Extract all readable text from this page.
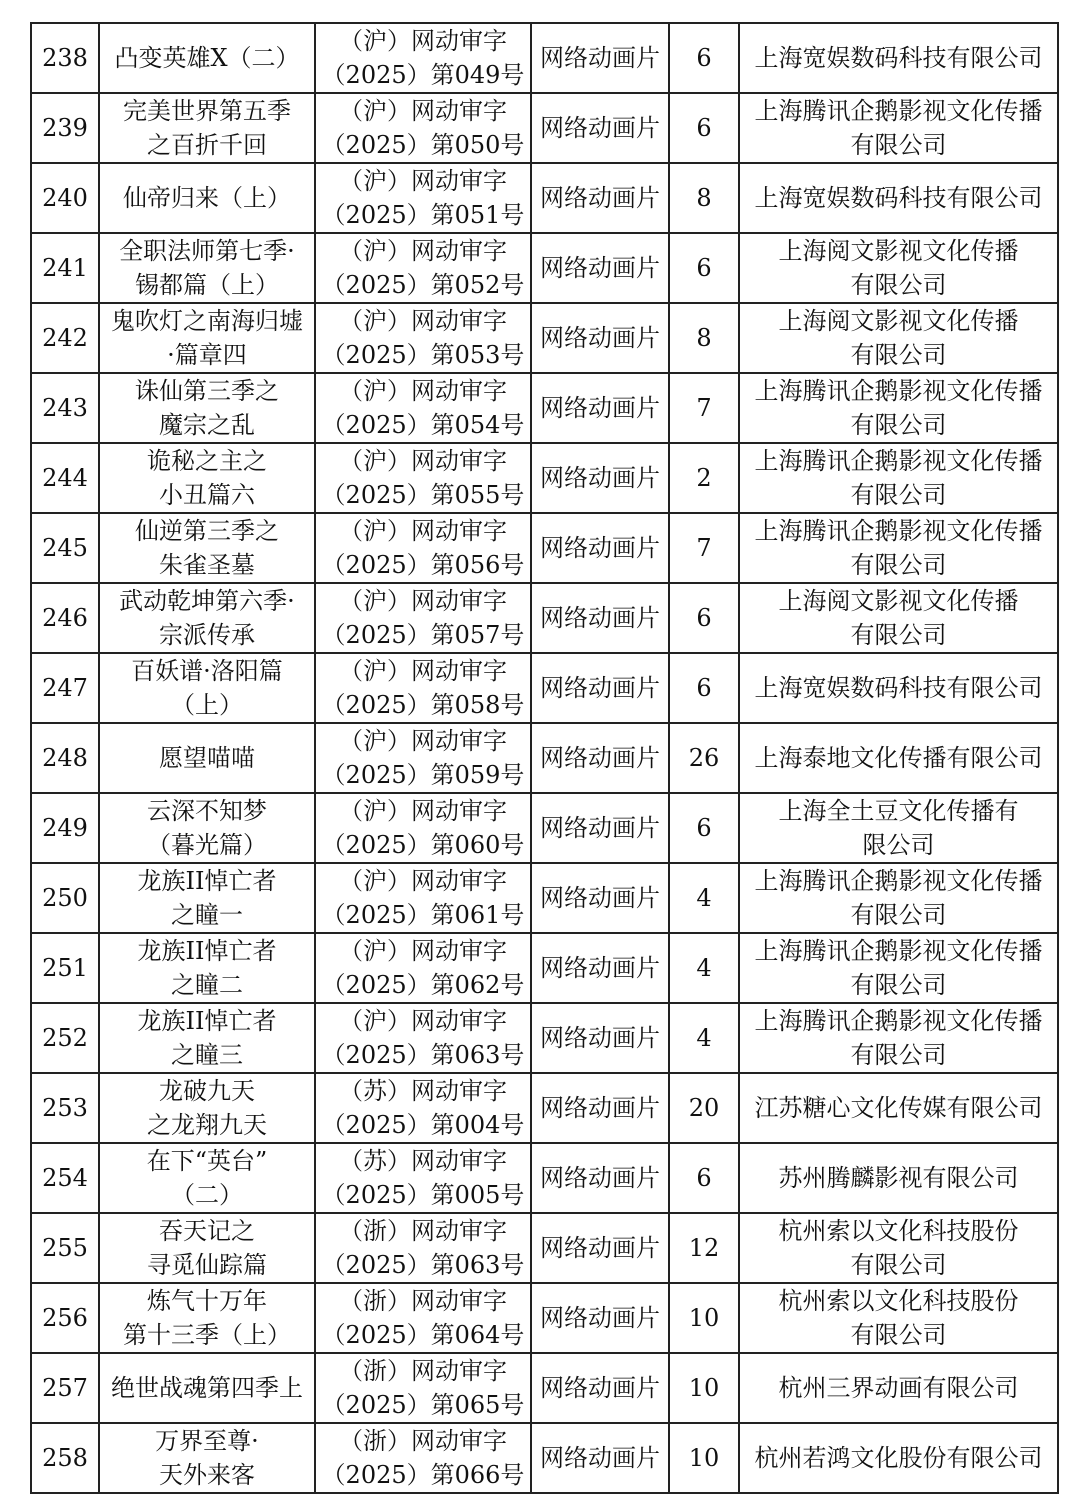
238	凸变英雄X（二）	（沪）网动审字
（2025）第049号	网络动画片	6	上海宽娱数码科技有限公司
239	完美世界第五季
之百折千回	（沪）网动审字
（2025）第050号	网络动画片	6	上海腾讯企鹅影视文化传播
有限公司
240	仙帝归来（上）	（沪）网动审字
（2025）第051号	网络动画片	8	上海宽娱数码科技有限公司
241	全职法师第七季·
锡都篇（上）	（沪）网动审字
（2025）第052号	网络动画片	6	上海阅文影视文化传播
有限公司
242	鬼吹灯之南海归墟
·篇章四	（沪）网动审字
（2025）第053号	网络动画片	8	上海阅文影视文化传播
有限公司
243	诛仙第三季之
魔宗之乱	（沪）网动审字
（2025）第054号	网络动画片	7	上海腾讯企鹅影视文化传播
有限公司
244	诡秘之主之
小丑篇六	（沪）网动审字
（2025）第055号	网络动画片	2	上海腾讯企鹅影视文化传播
有限公司
245	仙逆第三季之
朱雀圣墓	（沪）网动审字
（2025）第056号	网络动画片	7	上海腾讯企鹅影视文化传播
有限公司
246	武动乾坤第六季·
宗派传承	（沪）网动审字
（2025）第057号	网络动画片	6	上海阅文影视文化传播
有限公司
247	百妖谱·洛阳篇
（上）	（沪）网动审字
（2025）第058号	网络动画片	6	上海宽娱数码科技有限公司
248	愿望喵喵	（沪）网动审字
（2025）第059号	网络动画片	26	上海泰地文化传播有限公司
249	云深不知梦
（暮光篇）	（沪）网动审字
（2025）第060号	网络动画片	6	上海全土豆文化传播有
限公司
250	龙族II悼亡者
之瞳一	（沪）网动审字
（2025）第061号	网络动画片	4	上海腾讯企鹅影视文化传播
有限公司
251	龙族II悼亡者
之瞳二	（沪）网动审字
（2025）第062号	网络动画片	4	上海腾讯企鹅影视文化传播
有限公司
252	龙族II悼亡者
之瞳三	（沪）网动审字
（2025）第063号	网络动画片	4	上海腾讯企鹅影视文化传播
有限公司
253	龙破九天
之龙翔九天	（苏）网动审字
（2025）第004号	网络动画片	20	江苏糖心文化传媒有限公司
254	在下“英台”
（二）	（苏）网动审字
（2025）第005号	网络动画片	6	苏州腾麟影视有限公司
255	吞天记之
寻觅仙踪篇	（浙）网动审字
（2025）第063号	网络动画片	12	杭州索以文化科技股份
有限公司
256	炼气十万年
第十三季（上）	（浙）网动审字
（2025）第064号	网络动画片	10	杭州索以文化科技股份
有限公司
257	绝世战魂第四季上	（浙）网动审字
（2025）第065号	网络动画片	10	杭州三界动画有限公司
258	万界至尊·
天外来客	（浙）网动审字
（2025）第066号	网络动画片	10	杭州若鸿文化股份有限公司
